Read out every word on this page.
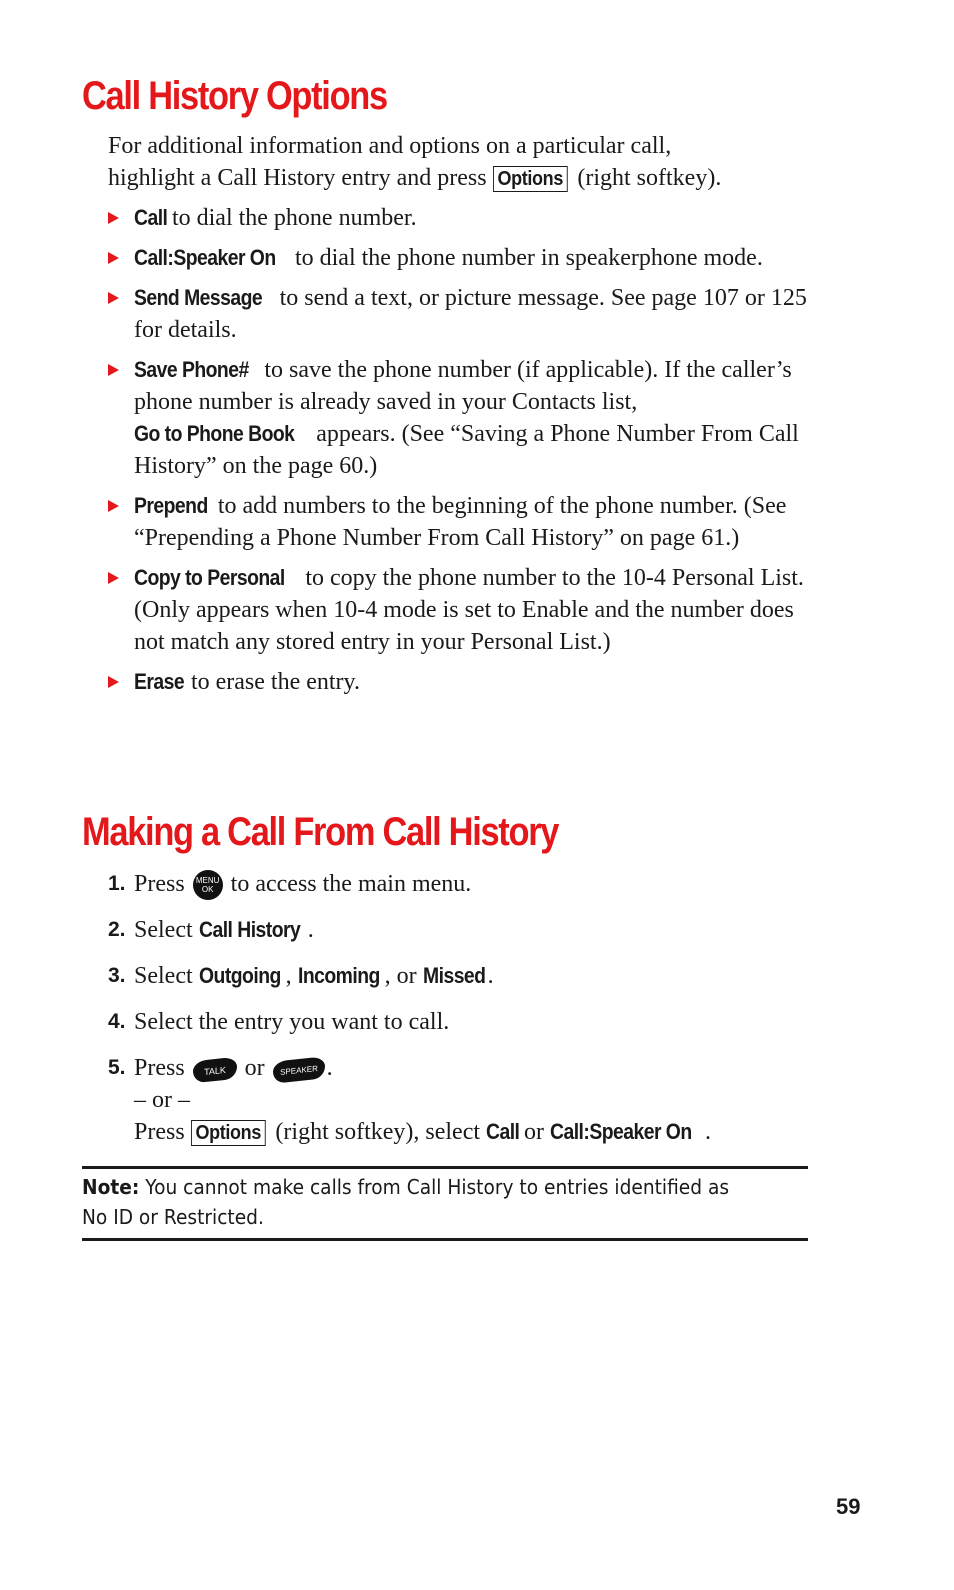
Call History Options
For additional information and options on a particular call,
highlight a Call History entry and press Options (right softkey).
Call to dial the phone number.
Call:Speaker On to dial the phone number in speakerphone mode.
Send Message to send a text, or picture message. See page 107 or 125 for details.
Save Phone# to save the phone number (if applicable). If the caller’s phone number is already saved in your Contacts list, Go to Phone Book appears. (See “Saving a Phone Number From Call History” on the page 60.)
Prepend to add numbers to the beginning of the phone number. (See “Prepending a Phone Number From Call History” on page 61.)
Copy to Personal to copy the phone number to the 10-4 Personal List. (Only appears when 10-4 mode is set to Enable and the number does not match any stored entry in your Personal List.)
Erase to erase the entry.
Making a Call From Call History
1. Press MENU
OK to access the main menu.
2. Select Call History .
3. Select Outgoing , Incoming , or Missed .
4. Select the entry you want to call.
5. Press TALK or SPEAKER .
– or –
Press Options (right softkey), select Call or Call:Speaker On .
Note: You cannot make calls from Call History to entries identified as No ID or Restricted.
59
